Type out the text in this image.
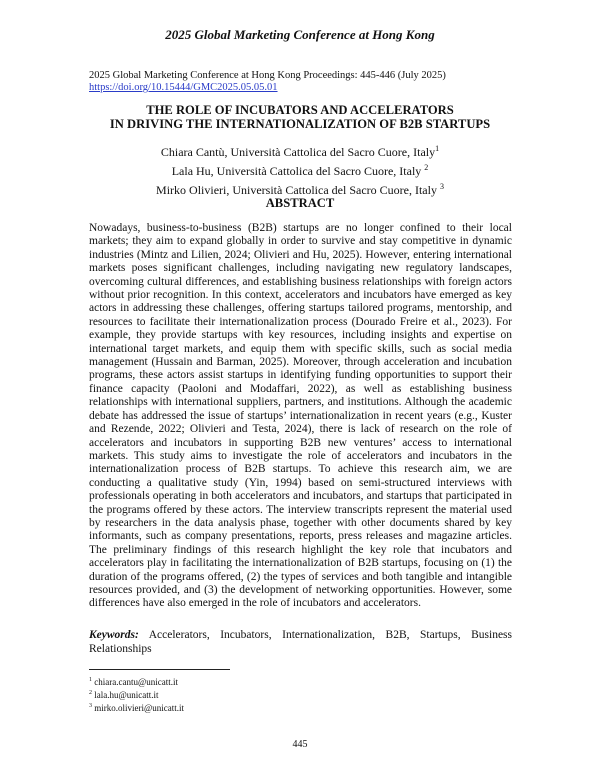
2025 Global Marketing Conference at Hong Kong
2025 Global Marketing Conference at Hong Kong Proceedings: 445-446 (July 2025)
https://doi.org/10.15444/GMC2025.05.05.01
THE ROLE OF INCUBATORS AND ACCELERATORS
IN DRIVING THE INTERNATIONALIZATION OF B2B STARTUPS
Chiara Cantù, Università Cattolica del Sacro Cuore, Italy$^1$
Lala Hu, Università Cattolica del Sacro Cuore, Italy $^2$
Mirko Olivieri, Università Cattolica del Sacro Cuore, Italy $^3$
ABSTRACT

Nowadays, business-to-business (B2B) startups are no longer confined to their local markets; they aim to expand globally in order to survive and stay competitive in dynamic industries (Mintz and Lilien, 2024; Olivieri and Hu, 2025). However, entering international markets poses significant challenges, including navigating new regulatory landscapes, overcoming cultural differences, and establishing business relationships with foreign actors without prior recognition. In this context, accelerators and incubators have emerged as key actors in addressing these challenges, offering startups tailored programs, mentorship, and resources to facilitate their internationalization process (Dourado Freire et al., 2023). For example, they provide startups with key resources, including insights and expertise on international target markets, and equip them with specific skills, such as social media management (Hussain and Barman, 2025). Moreover, through acceleration and incubation programs, these actors assist startups in identifying funding opportunities to support their finance capacity (Paoloni and Modaffari, 2022), as well as establishing business relationships with international suppliers, partners, and institutions. Although the academic debate has addressed the issue of startups’ internationalization in recent years (e.g., Kuster and Rezende, 2022; Olivieri and Testa, 2024), there is lack of research on the role of accelerators and incubators in supporting B2B new ventures’ access to international markets. This study aims to investigate the role of accelerators and incubators in the internationalization process of B2B startups. To achieve this research aim, we are conducting a qualitative study (Yin, 1994) based on semi-structured interviews with professionals operating in both accelerators and incubators, and startups that participated in the programs offered by these actors. The interview transcripts represent the material used by researchers in the data analysis phase, together with other documents shared by key informants, such as company presentations, reports, press releases and magazine articles. The preliminary findings of this research highlight the key role that incubators and accelerators play in facilitating the internationalization of B2B startups, focusing on (1) the duration of the programs offered, (2) the types of services and both tangible and intangible resources provided, and (3) the development of networking opportunities. However, some differences have also emerged in the role of incubators and accelerators.

Keywords: Accelerators, Incubators, Internationalization, B2B, Startups, Business Relationships

$^1$ chiara.cantu@unicatt.it
$^2$ lala.hu@unicatt.it
$^3$ mirko.olivieri@unicatt.it
445
